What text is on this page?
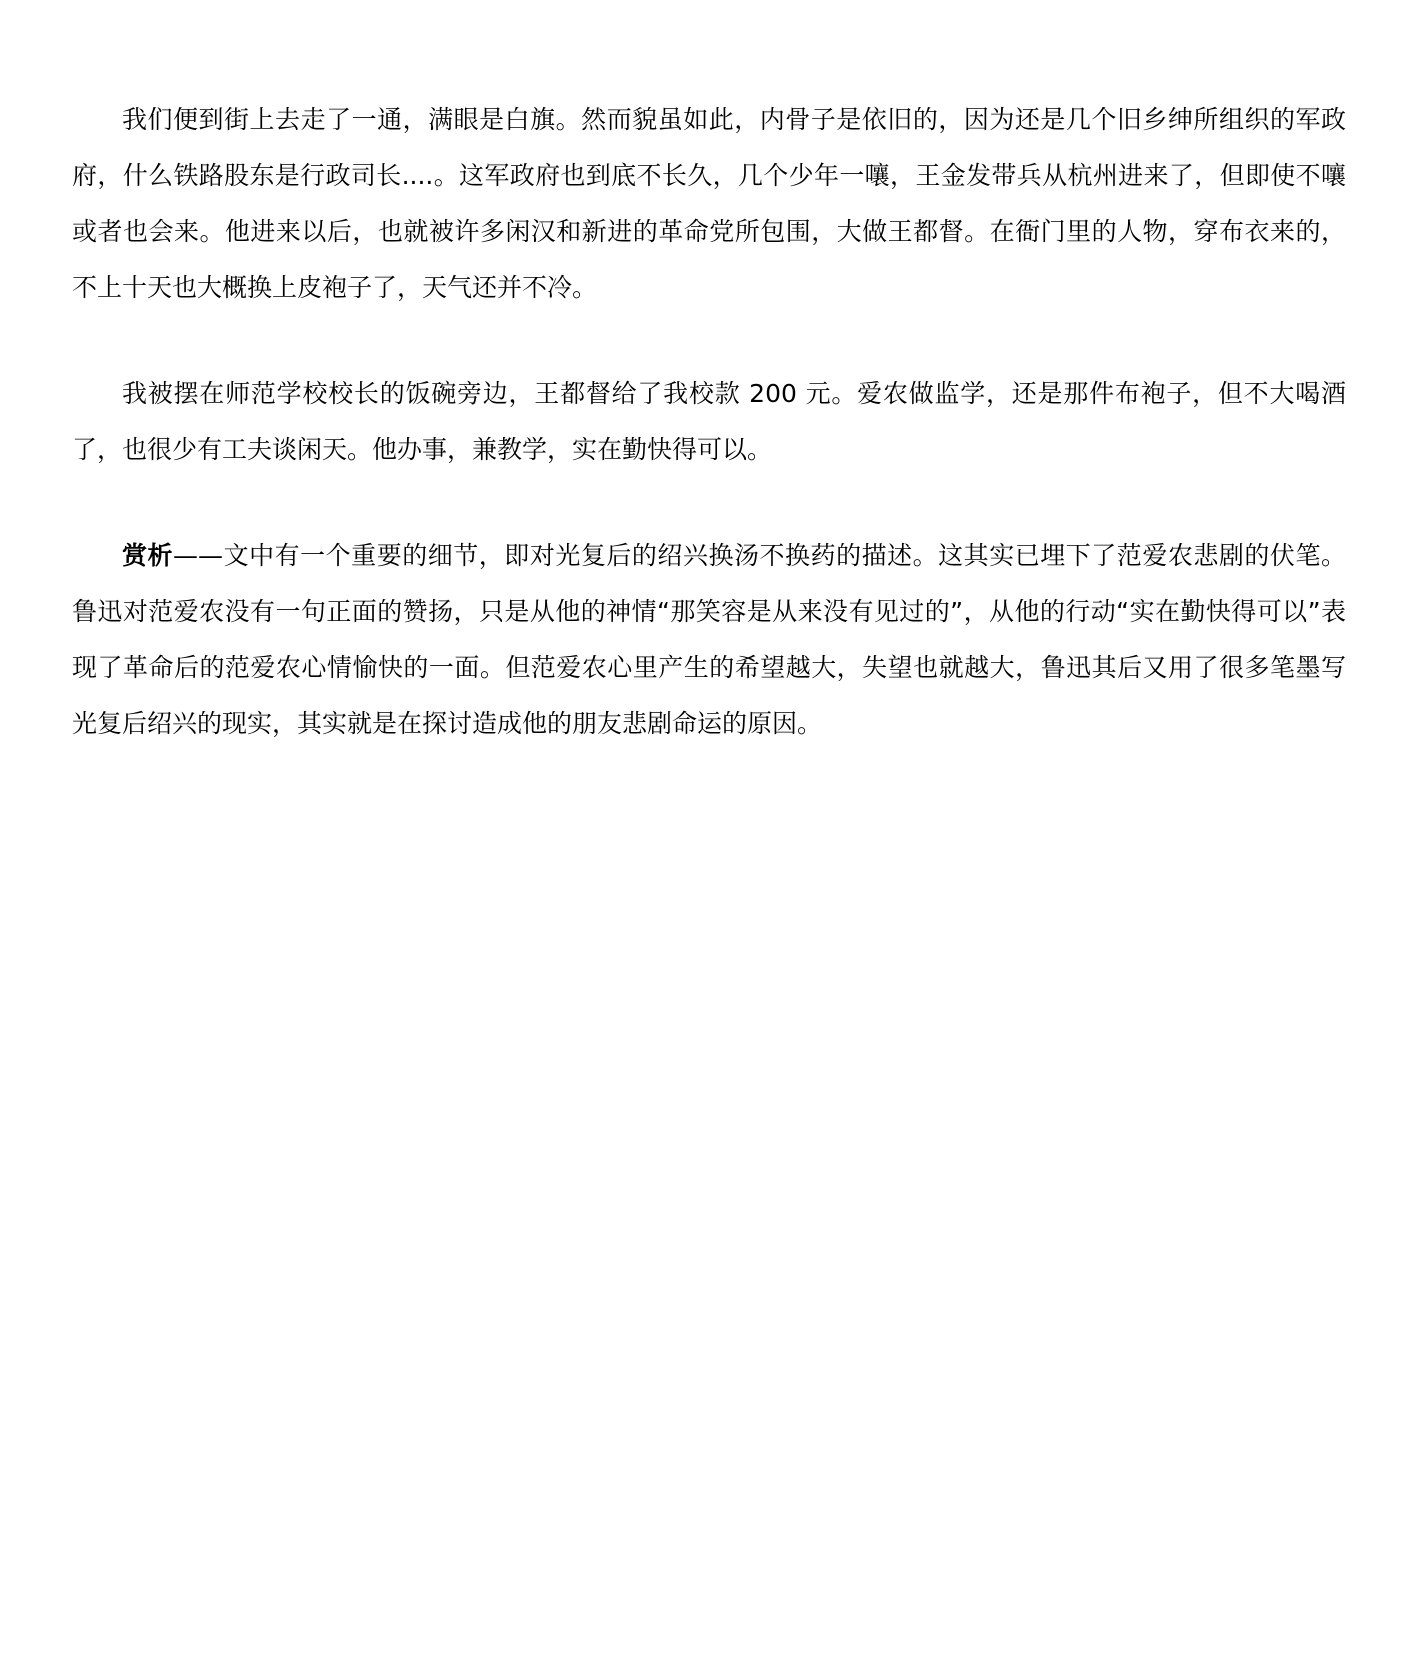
我们便到街上去走了一通，满眼是白旗。然而貌虽如此，内骨子是依旧的，因为还是几个旧乡绅所组织的军政府，什么铁路股东是行政司长....。这军政府也到底不长久，几个少年一嚷，王金发带兵从杭州进来了，但即使不嚷或者也会来。他进来以后，也就被许多闲汉和新进的革命党所包围，大做王都督。在衙门里的人物，穿布衣来的，不上十天也大概换上皮袍子了，天气还并不冷。

我被摆在师范学校校长的饭碗旁边，王都督给了我校款 200 元。爱农做监学，还是那件布袍子，但不大喝酒了，也很少有工夫谈闲天。他办事，兼教学，实在勤快得可以。

赏析——文中有一个重要的细节，即对光复后的绍兴换汤不换药的描述。这其实已埋下了范爱农悲剧的伏笔。鲁迅对范爱农没有一句正面的赞扬，只是从他的神情“那笑容是从来没有见过的”，从他的行动“实在勤快得可以”表现了革命后的范爱农心情愉快的一面。但范爱农心里产生的希望越大，失望也就越大，鲁迅其后又用了很多笔墨写光复后绍兴的现实，其实就是在探讨造成他的朋友悲剧命运的原因。
